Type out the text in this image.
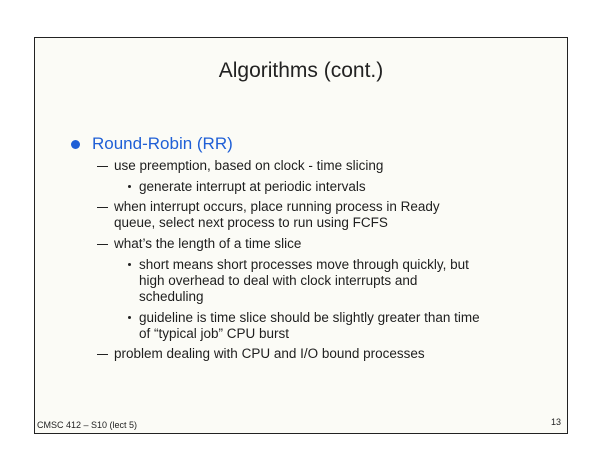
Algorithms (cont.)
Round-Robin (RR)
use preemption, based on clock - time slicing
generate interrupt at periodic intervals
when interrupt occurs, place running process in Ready
queue, select next process to run using FCFS
what’s the length of a time slice
short means short processes move through quickly, but
high overhead to deal with clock interrupts and
scheduling
guideline is time slice should be slightly greater than time
of “typical job” CPU burst
problem dealing with CPU and I/O bound processes
CMSC 412 – S10 (lect 5)	13
